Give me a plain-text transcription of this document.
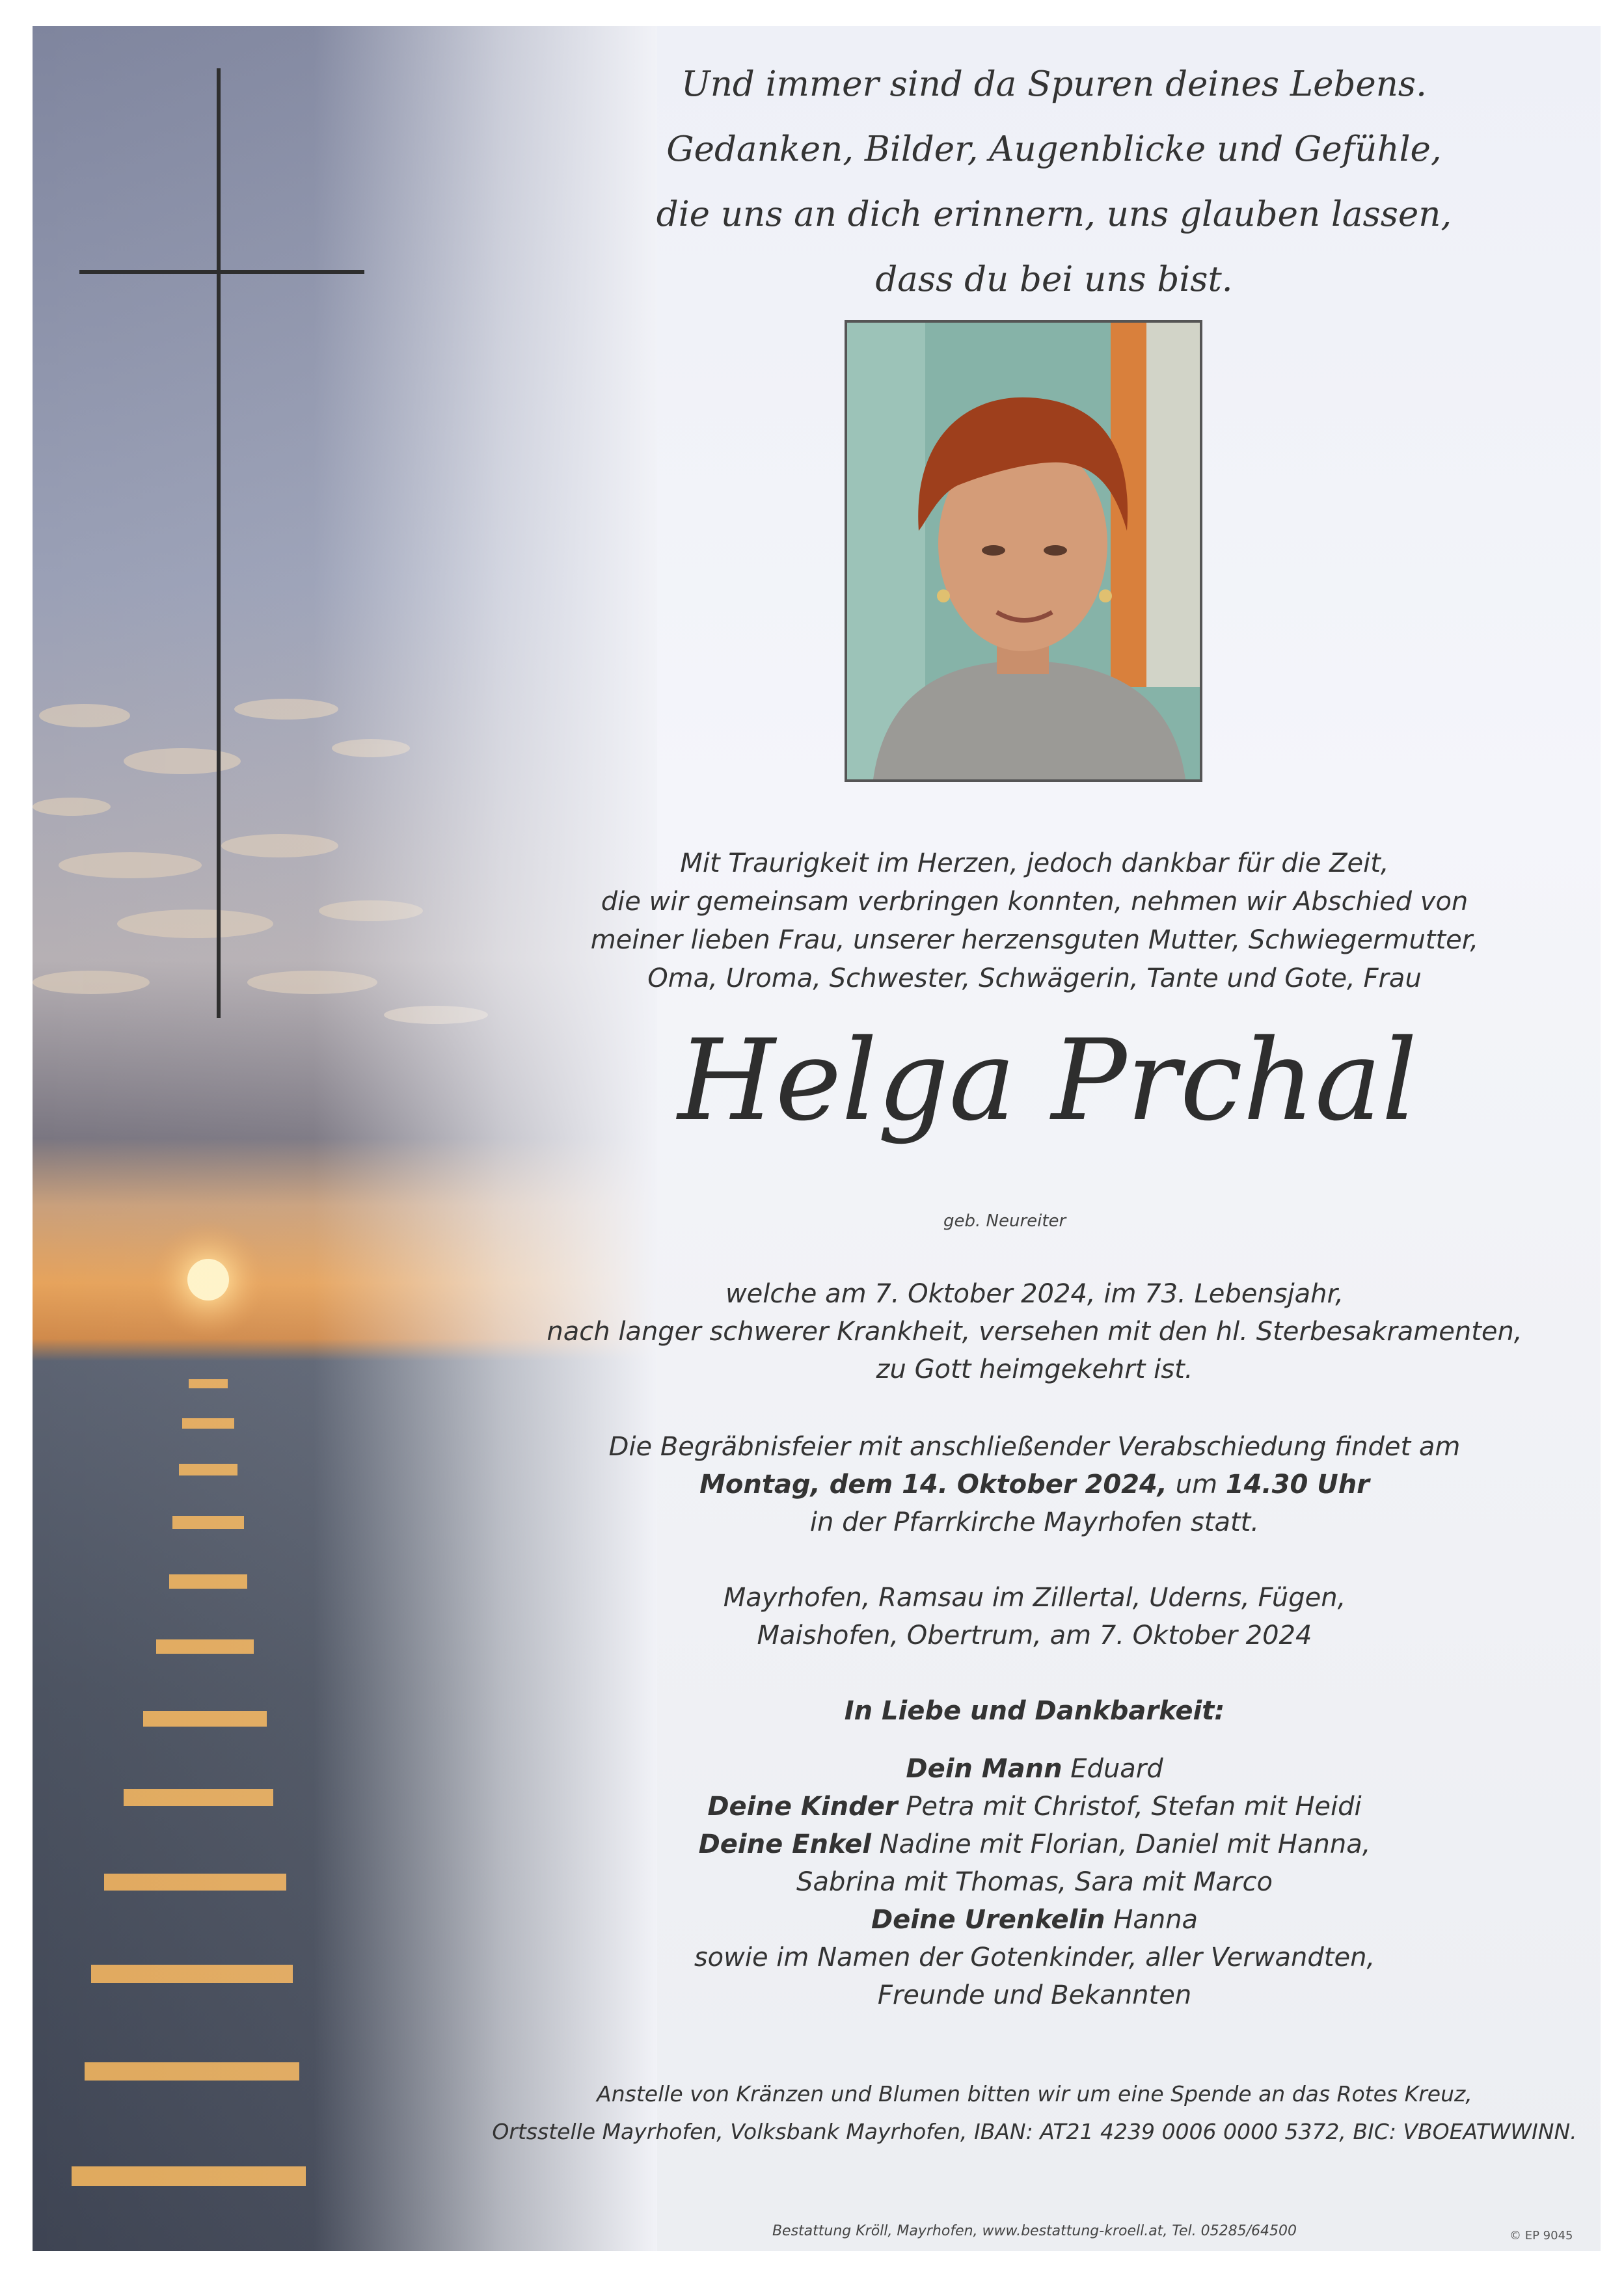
Und immer sind da Spuren deines Lebens.
Gedanken, Bilder, Augenblicke und Gefühle,
die uns an dich erinnern, uns glauben lassen,
dass du bei uns bist.
Mit Traurigkeit im Herzen, jedoch dankbar für die Zeit,
die wir gemeinsam verbringen konnten, nehmen wir Abschied von
meiner lieben Frau, unserer herzensguten Mutter, Schwiegermutter,
Oma, Uroma, Schwester, Schwägerin, Tante und Gote, Frau
Helga Prchal
geb. Neureiter
welche am 7. Oktober 2024, im 73. Lebensjahr,
nach langer schwerer Krankheit, versehen mit den hl. Sterbesakramenten,
zu Gott heimgekehrt ist.
Die Begräbnisfeier mit anschließender Verabschiedung findet am
Montag, dem 14. Oktober 2024, um 14.30 Uhr
in der Pfarrkirche Mayrhofen statt.
Mayrhofen, Ramsau im Zillertal, Uderns, Fügen,
Maishofen, Obertrum, am 7. Oktober 2024
In Liebe und Dankbarkeit:
Dein Mann Eduard
Deine Kinder Petra mit Christof, Stefan mit Heidi
Deine Enkel Nadine mit Florian, Daniel mit Hanna,
Sabrina mit Thomas, Sara mit Marco
Deine Urenkelin Hanna
sowie im Namen der Gotenkinder, aller Verwandten,
Freunde und Bekannten
Anstelle von Kränzen und Blumen bitten wir um eine Spende an das Rotes Kreuz,
Ortsstelle Mayrhofen, Volksbank Mayrhofen, IBAN: AT21 4239 0006 0000 5372, BIC: VBOEATWWINN.
Bestattung Kröll, Mayrhofen, www.bestattung-kroell.at, Tel. 05285/64500	© EP 9045
